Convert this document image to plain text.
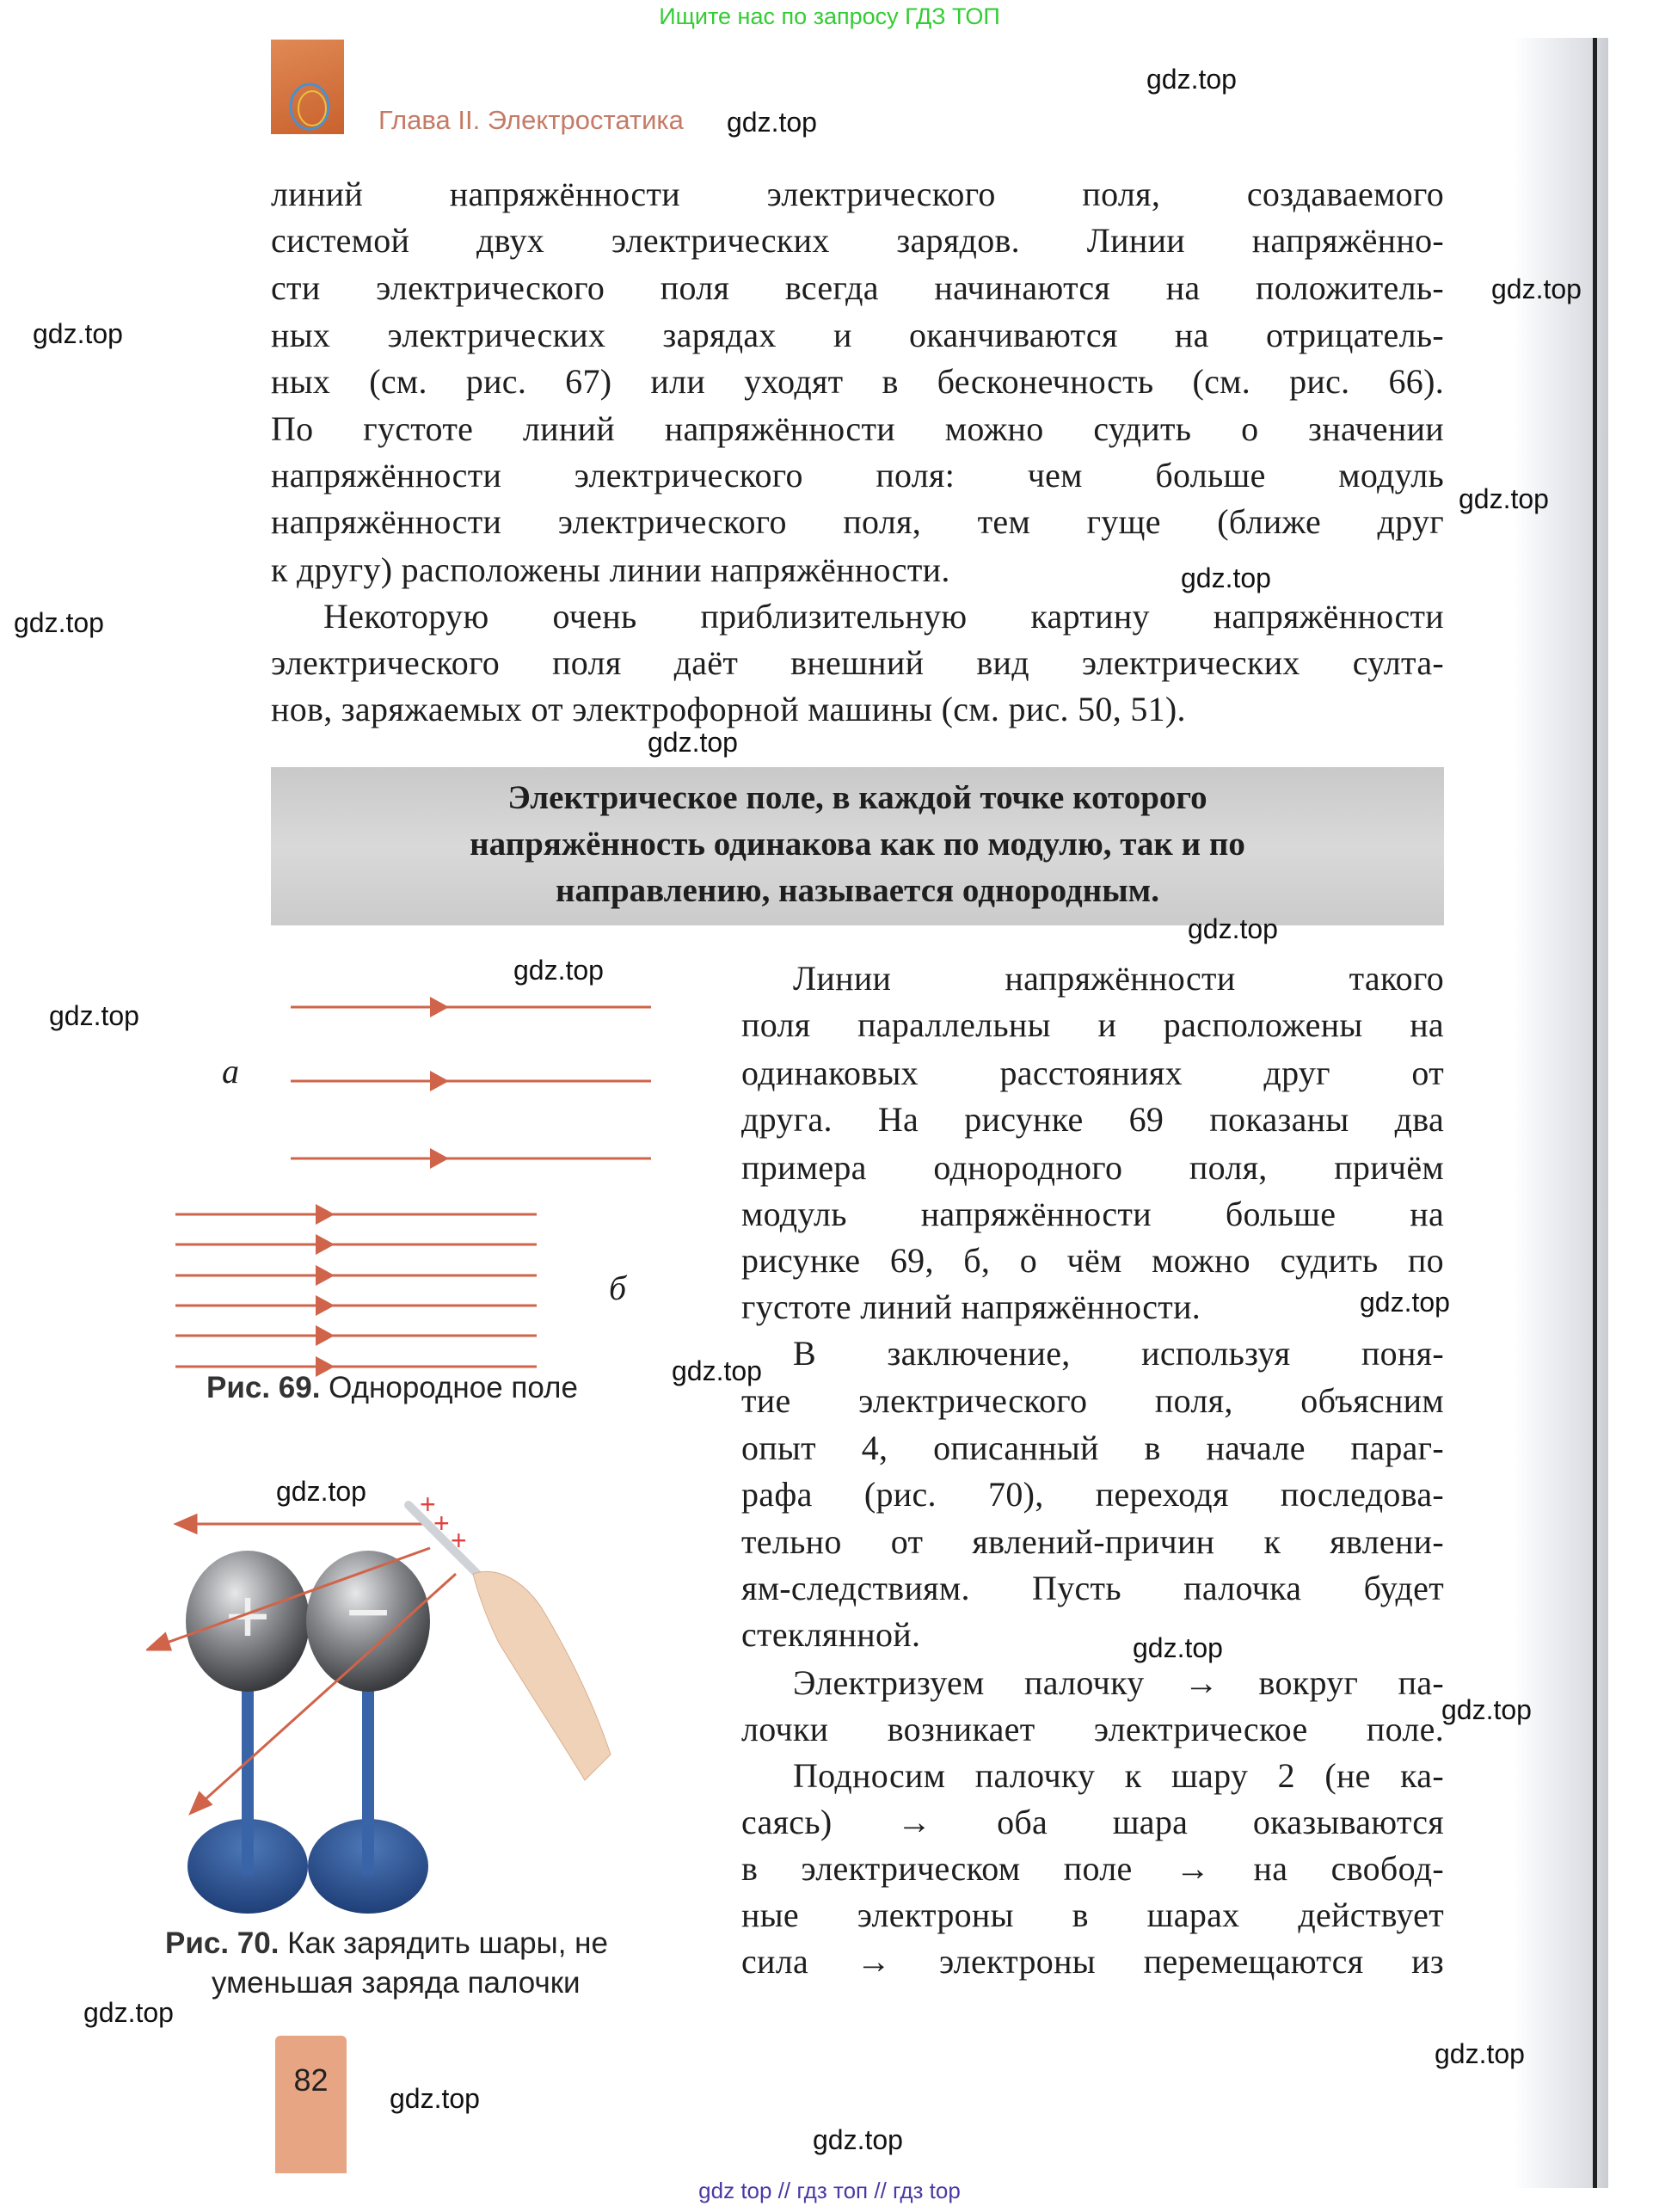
Ищите нас по запросу ГДЗ ТОП
Глава II. Электростатика
линий напряжённости электрического поля, создаваемого
системой двух электрических зарядов. Линии напряжённо-
сти электрического поля всегда начинаются на положитель-
ных электрических зарядах и оканчиваются на отрицатель-
ных (см. рис. 67) или уходят в бесконечность (см. рис. 66).
По густоте линий напряжённости можно судить о значении
напряжённости электрического поля: чем больше модуль
напряжённости электрического поля, тем гуще (ближе друг
к другу) расположены линии напряжённости.
Некоторую очень приблизительную картину напряжённости
электрического поля даёт внешний вид электрических султа-
нов, заряжаемых от электрофорной машины (см. рис. 50, 51).
Электрическое поле, в каждой точке которого
напряжённость одинакова как по модулю, так и по
направлению, называется однородным.
Линии напряжённости такого
поля параллельны и расположены на
одинаковых расстояниях друг от
друга. На рисунке 69 показаны два
примера однородного поля, причём
модуль напряжённости больше на
рисунке 69, б, о чём можно судить по
густоте линий напряжённости.
В заключение, используя поня-
тие электрического поля, объясним
опыт 4, описанный в начале параг-
рафа (рис. 70), переходя последова-
тельно от явлений-причин к явлени-
ям-следствиям. Пусть палочка будет
стеклянной.
Электризуем палочку → вокруг па-
лочки возникает электрическое поле.
Подносим палочку к шару 2 (не ка-
саясь) → оба шара оказываются
в электрическом поле → на свобод-
ные электроны в шарах действует
сила → электроны перемещаются из
а
б
Рис. 69. Однородное поле
+ −
+
+
+
Рис. 70. Как зарядить шары, не
уменьшая заряда палочки
82
gdz.top
gdz.top
gdz.top
gdz.top
gdz.top
gdz.top
gdz.top
gdz.top
gdz.top
gdz.top
gdz.top
gdz.top
gdz.top
gdz.top
gdz.top
gdz.top
gdz.top
gdz.top
gdz.top
gdz.top
gdz top // гдз топ // гдз top
